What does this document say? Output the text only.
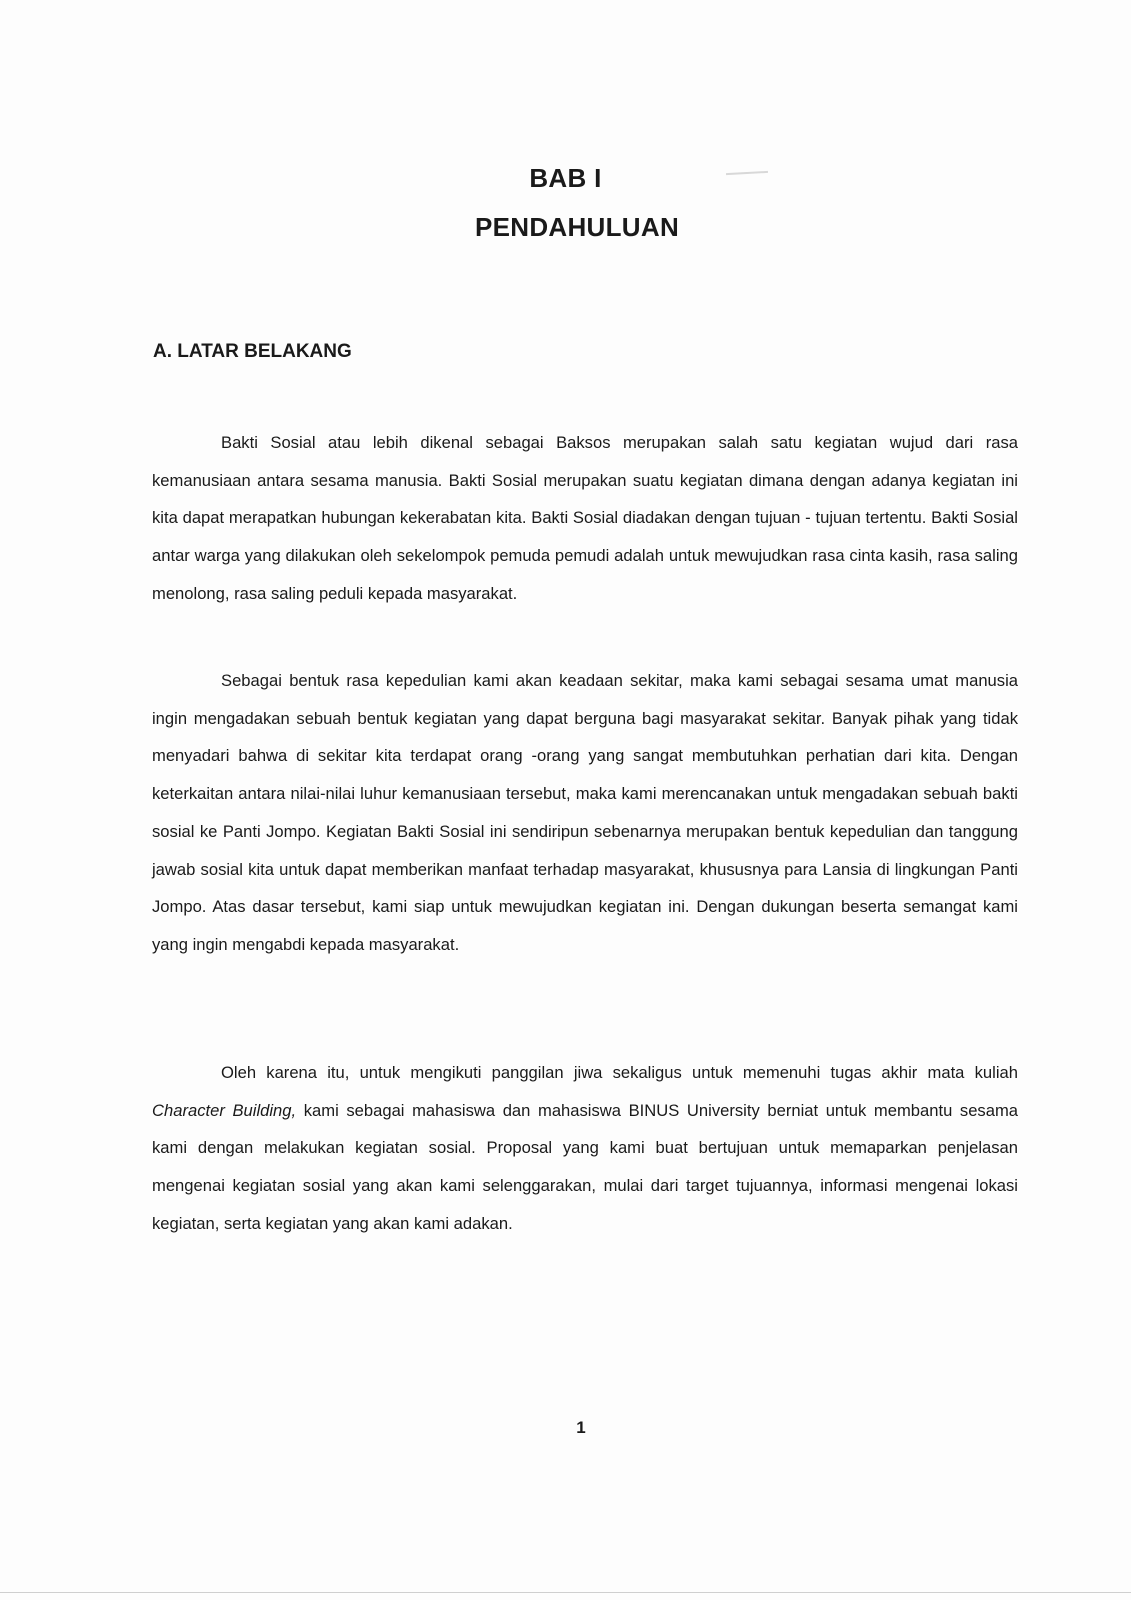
BAB I
PENDAHULUAN
A. LATAR BELAKANG

Bakti Sosial atau lebih dikenal sebagai Baksos merupakan salah satu kegiatan wujud dari rasa kemanusiaan antara sesama manusia. Bakti Sosial merupakan suatu kegiatan dimana dengan adanya kegiatan ini kita dapat merapatkan hubungan kekerabatan kita. Bakti Sosial diadakan dengan tujuan - tujuan tertentu. Bakti Sosial antar warga yang dilakukan oleh sekelompok pemuda pemudi adalah untuk mewujudkan rasa cinta kasih, rasa saling menolong, rasa saling peduli kepada masyarakat.

Sebagai bentuk rasa kepedulian kami akan keadaan sekitar, maka kami sebagai sesama umat manusia ingin mengadakan sebuah bentuk kegiatan yang dapat berguna bagi masyarakat sekitar. Banyak pihak yang tidak menyadari bahwa di sekitar kita terdapat orang -orang yang sangat membutuhkan perhatian dari kita. Dengan keterkaitan antara nilai-nilai luhur kemanusiaan tersebut, maka kami merencanakan untuk mengadakan sebuah bakti sosial ke Panti Jompo. Kegiatan Bakti Sosial ini sendiripun sebenarnya merupakan bentuk kepedulian dan tanggung jawab sosial kita untuk dapat memberikan manfaat terhadap masyarakat, khususnya para Lansia di lingkungan Panti Jompo. Atas dasar tersebut, kami siap untuk mewujudkan kegiatan ini. Dengan dukungan beserta semangat kami yang ingin mengabdi kepada masyarakat.

Oleh karena itu, untuk mengikuti panggilan jiwa sekaligus untuk memenuhi tugas akhir mata kuliah Character Building, kami sebagai mahasiswa dan mahasiswa BINUS University berniat untuk membantu sesama kami dengan melakukan kegiatan sosial. Proposal yang kami buat bertujuan untuk memaparkan penjelasan mengenai kegiatan sosial yang akan kami selenggarakan, mulai dari target tujuannya, informasi mengenai lokasi kegiatan, serta kegiatan yang akan kami adakan.

1
